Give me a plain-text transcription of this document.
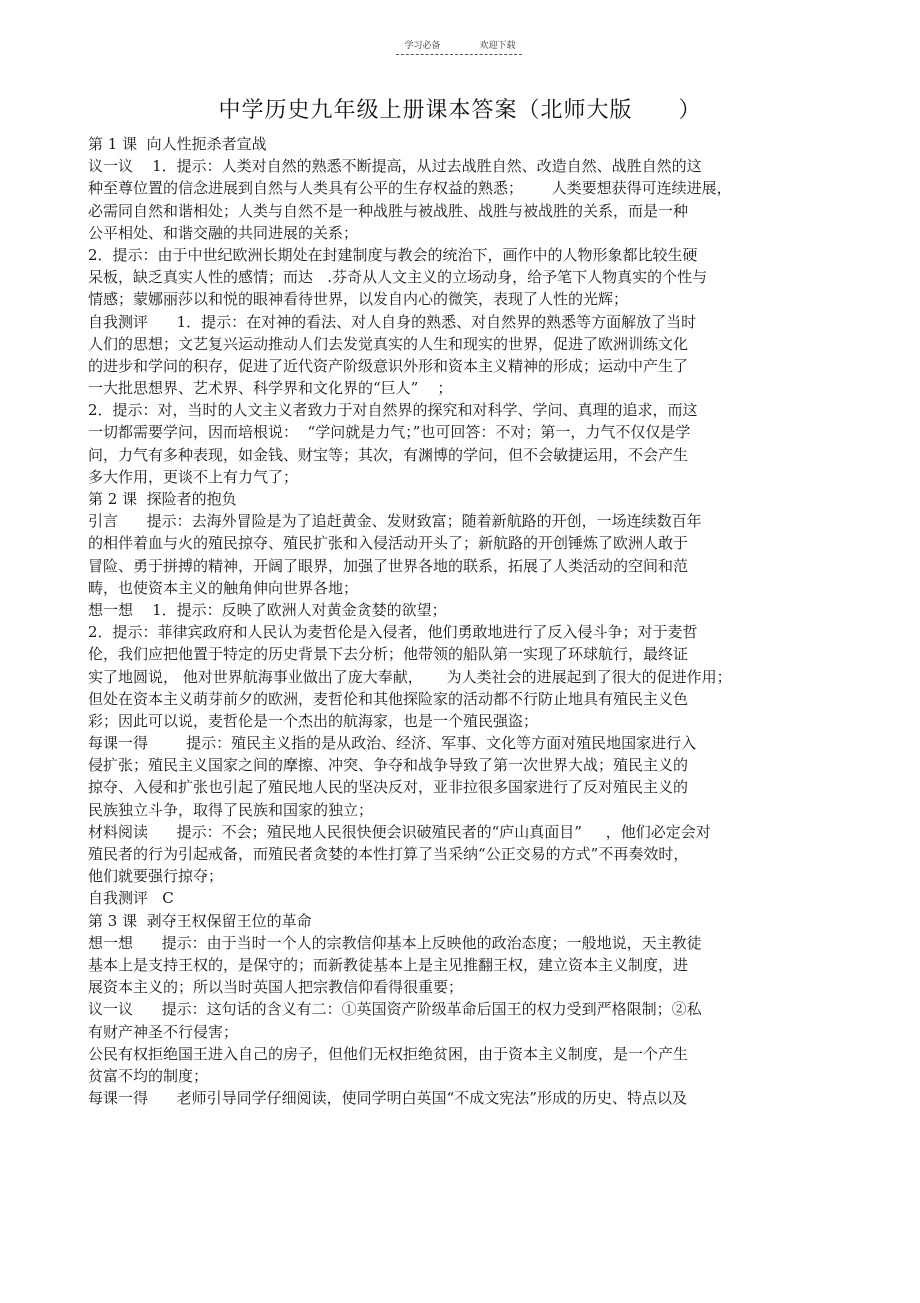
学习必备	欢迎下载
中学历史九年级上册课本答案（北师大版　　）
第 1 课  向人性扼杀者宣战
议一议    1．提示：人类对自然的熟悉不断提高，从过去战胜自然、改造自然、战胜自然的这
种至尊位置的信念进展到自然与人类具有公平的生存权益的熟悉；      人类要想获得可连续进展，
必需同自然和谐相处；人类与自然不是一种战胜与被战胜、战胜与被战胜的关系，而是一种
公平相处、和谐交融的共同进展的关系；
2．提示：由于中世纪欧洲长期处在封建制度与教会的统治下，画作中的人物形象都比较生硬
呆板，缺乏真实人性的感情；而达   .芬奇从人文主义的立场动身，给予笔下人物真实的个性与
情感；蒙娜丽莎以和悦的眼神看待世界，以发自内心的微笑，表现了人性的光辉；
自我测评      1．提示：在对神的看法、对人自身的熟悉、对自然界的熟悉等方面解放了当时
人们的思想；文艺复兴运动推动人们去发觉真实的人生和现实的世界，促进了欧洲训练文化
的进步和学问的积存，促进了近代资产阶级意识外形和资本主义精神的形成；运动中产生了
一大批思想界、艺术界、科学界和文化界的“巨人”    ；
2．提示：对，当时的人文主义者致力于对自然界的探究和对科学、学问、真理的追求，而这
一切都需要学问，因而培根说：  “学问就是力气；”也可回答：不对；第一，力气不仅仅是学
问，力气有多种表现，如金钱、财宝等；其次，有渊博的学问，但不会敏捷运用，不会产生
多大作用，更谈不上有力气了；
第 2 课  探险者的抱负
引言      提示：去海外冒险是为了追赶黄金、发财致富；随着新航路的开创，一场连续数百年
的相伴着血与火的殖民掠夺、殖民扩张和入侵活动开头了；新航路的开创锤炼了欧洲人敢于
冒险、勇于拼搏的精神，开阔了眼界，加强了世界各地的联系，拓展了人类活动的空间和范
畴，也使资本主义的触角伸向世界各地；
想一想    1．提示：反映了欧洲人对黄金贪婪的欲望；
2．提示：菲律宾政府和人民认为麦哲伦是入侵者，他们勇敢地进行了反入侵斗争；对于麦哲
伦，我们应把他置于特定的历史背景下去分析；他带领的船队第一实现了环球航行，最终证
实了地圆说， 他对世界航海事业做出了庞大奉献，     为人类社会的进展起到了很大的促进作用；
但处在资本主义萌芽前夕的欧洲，麦哲伦和其他探险家的活动都不行防止地具有殖民主义色
彩；因此可以说，麦哲伦是一个杰出的航海家，也是一个殖民强盗；
每课一得        提示：殖民主义指的是从政治、经济、军事、文化等方面对殖民地国家进行入
侵扩张；殖民主义国家之间的摩擦、冲突、争夺和战争导致了第一次世界大战；殖民主义的
掠夺、入侵和扩张也引起了殖民地人民的坚决反对，亚非拉很多国家进行了反对殖民主义的
民族独立斗争，取得了民族和国家的独立；
材料阅读      提示：不会；殖民地人民很快便会识破殖民者的“庐山真面目”     ，他们必定会对
殖民者的行为引起戒备，而殖民者贪婪的本性打算了当采纳“公正交易的方式”不再奏效时，
他们就要强行掠夺；
自我测评   C
第 3 课  剥夺王权保留王位的革命
想一想      提示：由于当时一个人的宗教信仰基本上反映他的政治态度；一般地说，天主教徒
基本上是支持王权的，是保守的；而新教徒基本上是主见推翻王权，建立资本主义制度，进
展资本主义的；所以当时英国人把宗教信仰看得很重要；
议一议      提示：这句话的含义有二：①英国资产阶级革命后国王的权力受到严格限制；②私
有财产神圣不行侵害；
公民有权拒绝国王进入自己的房子，但他们无权拒绝贫困，由于资本主义制度，是一个产生
贫富不均的制度；
每课一得      老师引导同学仔细阅读，使同学明白英国“不成文宪法”形成的历史、特点以及
